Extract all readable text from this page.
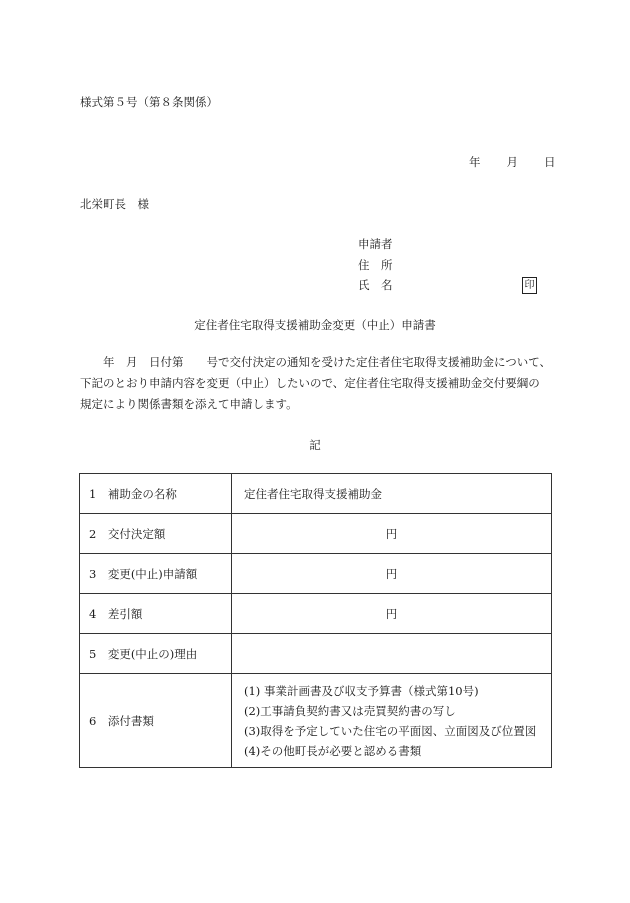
様式第５号（第８条関係）
年 月 日
北栄町長　様
申請者
住　所
氏　名	印
定住者住宅取得支援補助金変更（中止）申請書
　　年　月　日付第　　号で交付決定の通知を受けた定住者住宅取得支援補助金について、
下記のとおり申請内容を変更（中止）したいので、定住者住宅取得支援補助金交付要綱の
規定により関係書類を添えて申請します。
記
1　補助金の名称	定住者住宅取得支援補助金
2　交付決定額	円
3　変更(中止)申請額	円
4　差引額	円
5　変更(中止の)理由	
6　添付書類	(1) 事業計画書及び収支予算書（様式第10号)
(2)工事請負契約書又は売買契約書の写し
(3)取得を予定していた住宅の平面図、立面図及び位置図
(4)その他町長が必要と認める書類
